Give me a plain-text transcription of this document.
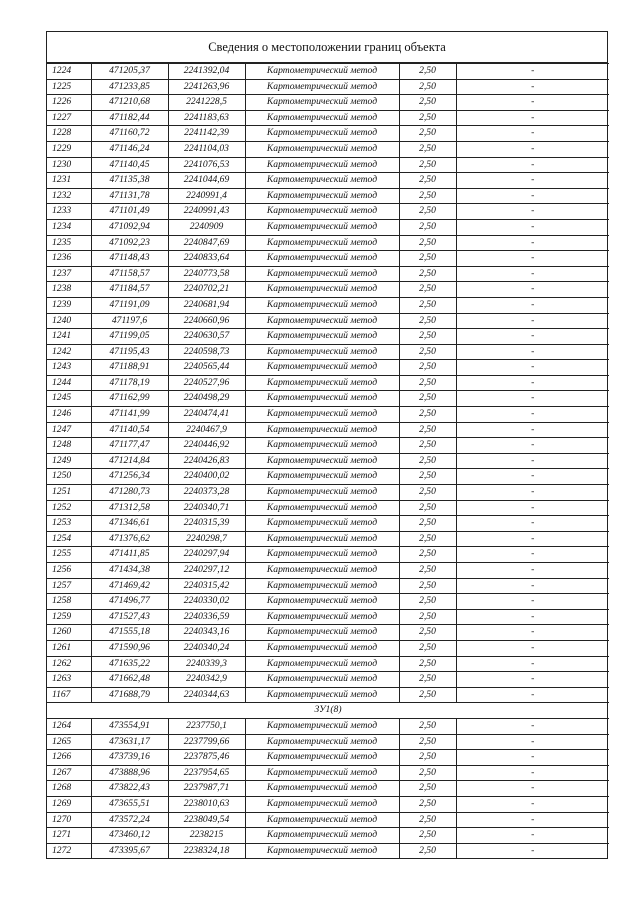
Сведения о местоположении границ объекта
1224	471205,37	2241392,04	Картометрический метод	2,50	-
1225	471233,85	2241263,96	Картометрический метод	2,50	-
1226	471210,68	2241228,5	Картометрический метод	2,50	-
1227	471182,44	2241183,63	Картометрический метод	2,50	-
1228	471160,72	2241142,39	Картометрический метод	2,50	-
1229	471146,24	2241104,03	Картометрический метод	2,50	-
1230	471140,45	2241076,53	Картометрический метод	2,50	-
1231	471135,38	2241044,69	Картометрический метод	2,50	-
1232	471131,78	2240991,4	Картометрический метод	2,50	-
1233	471101,49	2240991,43	Картометрический метод	2,50	-
1234	471092,94	2240909	Картометрический метод	2,50	-
1235	471092,23	2240847,69	Картометрический метод	2,50	-
1236	471148,43	2240833,64	Картометрический метод	2,50	-
1237	471158,57	2240773,58	Картометрический метод	2,50	-
1238	471184,57	2240702,21	Картометрический метод	2,50	-
1239	471191,09	2240681,94	Картометрический метод	2,50	-
1240	471197,6	2240660,96	Картометрический метод	2,50	-
1241	471199,05	2240630,57	Картометрический метод	2,50	-
1242	471195,43	2240598,73	Картометрический метод	2,50	-
1243	471188,91	2240565,44	Картометрический метод	2,50	-
1244	471178,19	2240527,96	Картометрический метод	2,50	-
1245	471162,99	2240498,29	Картометрический метод	2,50	-
1246	471141,99	2240474,41	Картометрический метод	2,50	-
1247	471140,54	2240467,9	Картометрический метод	2,50	-
1248	471177,47	2240446,92	Картометрический метод	2,50	-
1249	471214,84	2240426,83	Картометрический метод	2,50	-
1250	471256,34	2240400,02	Картометрический метод	2,50	-
1251	471280,73	2240373,28	Картометрический метод	2,50	-
1252	471312,58	2240340,71	Картометрический метод	2,50	-
1253	471346,61	2240315,39	Картометрический метод	2,50	-
1254	471376,62	2240298,7	Картометрический метод	2,50	-
1255	471411,85	2240297,94	Картометрический метод	2,50	-
1256	471434,38	2240297,12	Картометрический метод	2,50	-
1257	471469,42	2240315,42	Картометрический метод	2,50	-
1258	471496,77	2240330,02	Картометрический метод	2,50	-
1259	471527,43	2240336,59	Картометрический метод	2,50	-
1260	471555,18	2240343,16	Картометрический метод	2,50	-
1261	471590,96	2240340,24	Картометрический метод	2,50	-
1262	471635,22	2240339,3	Картометрический метод	2,50	-
1263	471662,48	2240342,9	Картометрический метод	2,50	-
1167	471688,79	2240344,63	Картометрический метод	2,50	-
ЗУ1(8)					
1264	473554,91	2237750,1	Картометрический метод	2,50	-
1265	473631,17	2237799,66	Картометрический метод	2,50	-
1266	473739,16	2237875,46	Картометрический метод	2,50	-
1267	473888,96	2237954,65	Картометрический метод	2,50	-
1268	473822,43	2237987,71	Картометрический метод	2,50	-
1269	473655,51	2238010,63	Картометрический метод	2,50	-
1270	473572,24	2238049,54	Картометрический метод	2,50	-
1271	473460,12	2238215	Картометрический метод	2,50	-
1272	473395,67	2238324,18	Картометрический метод	2,50	-
